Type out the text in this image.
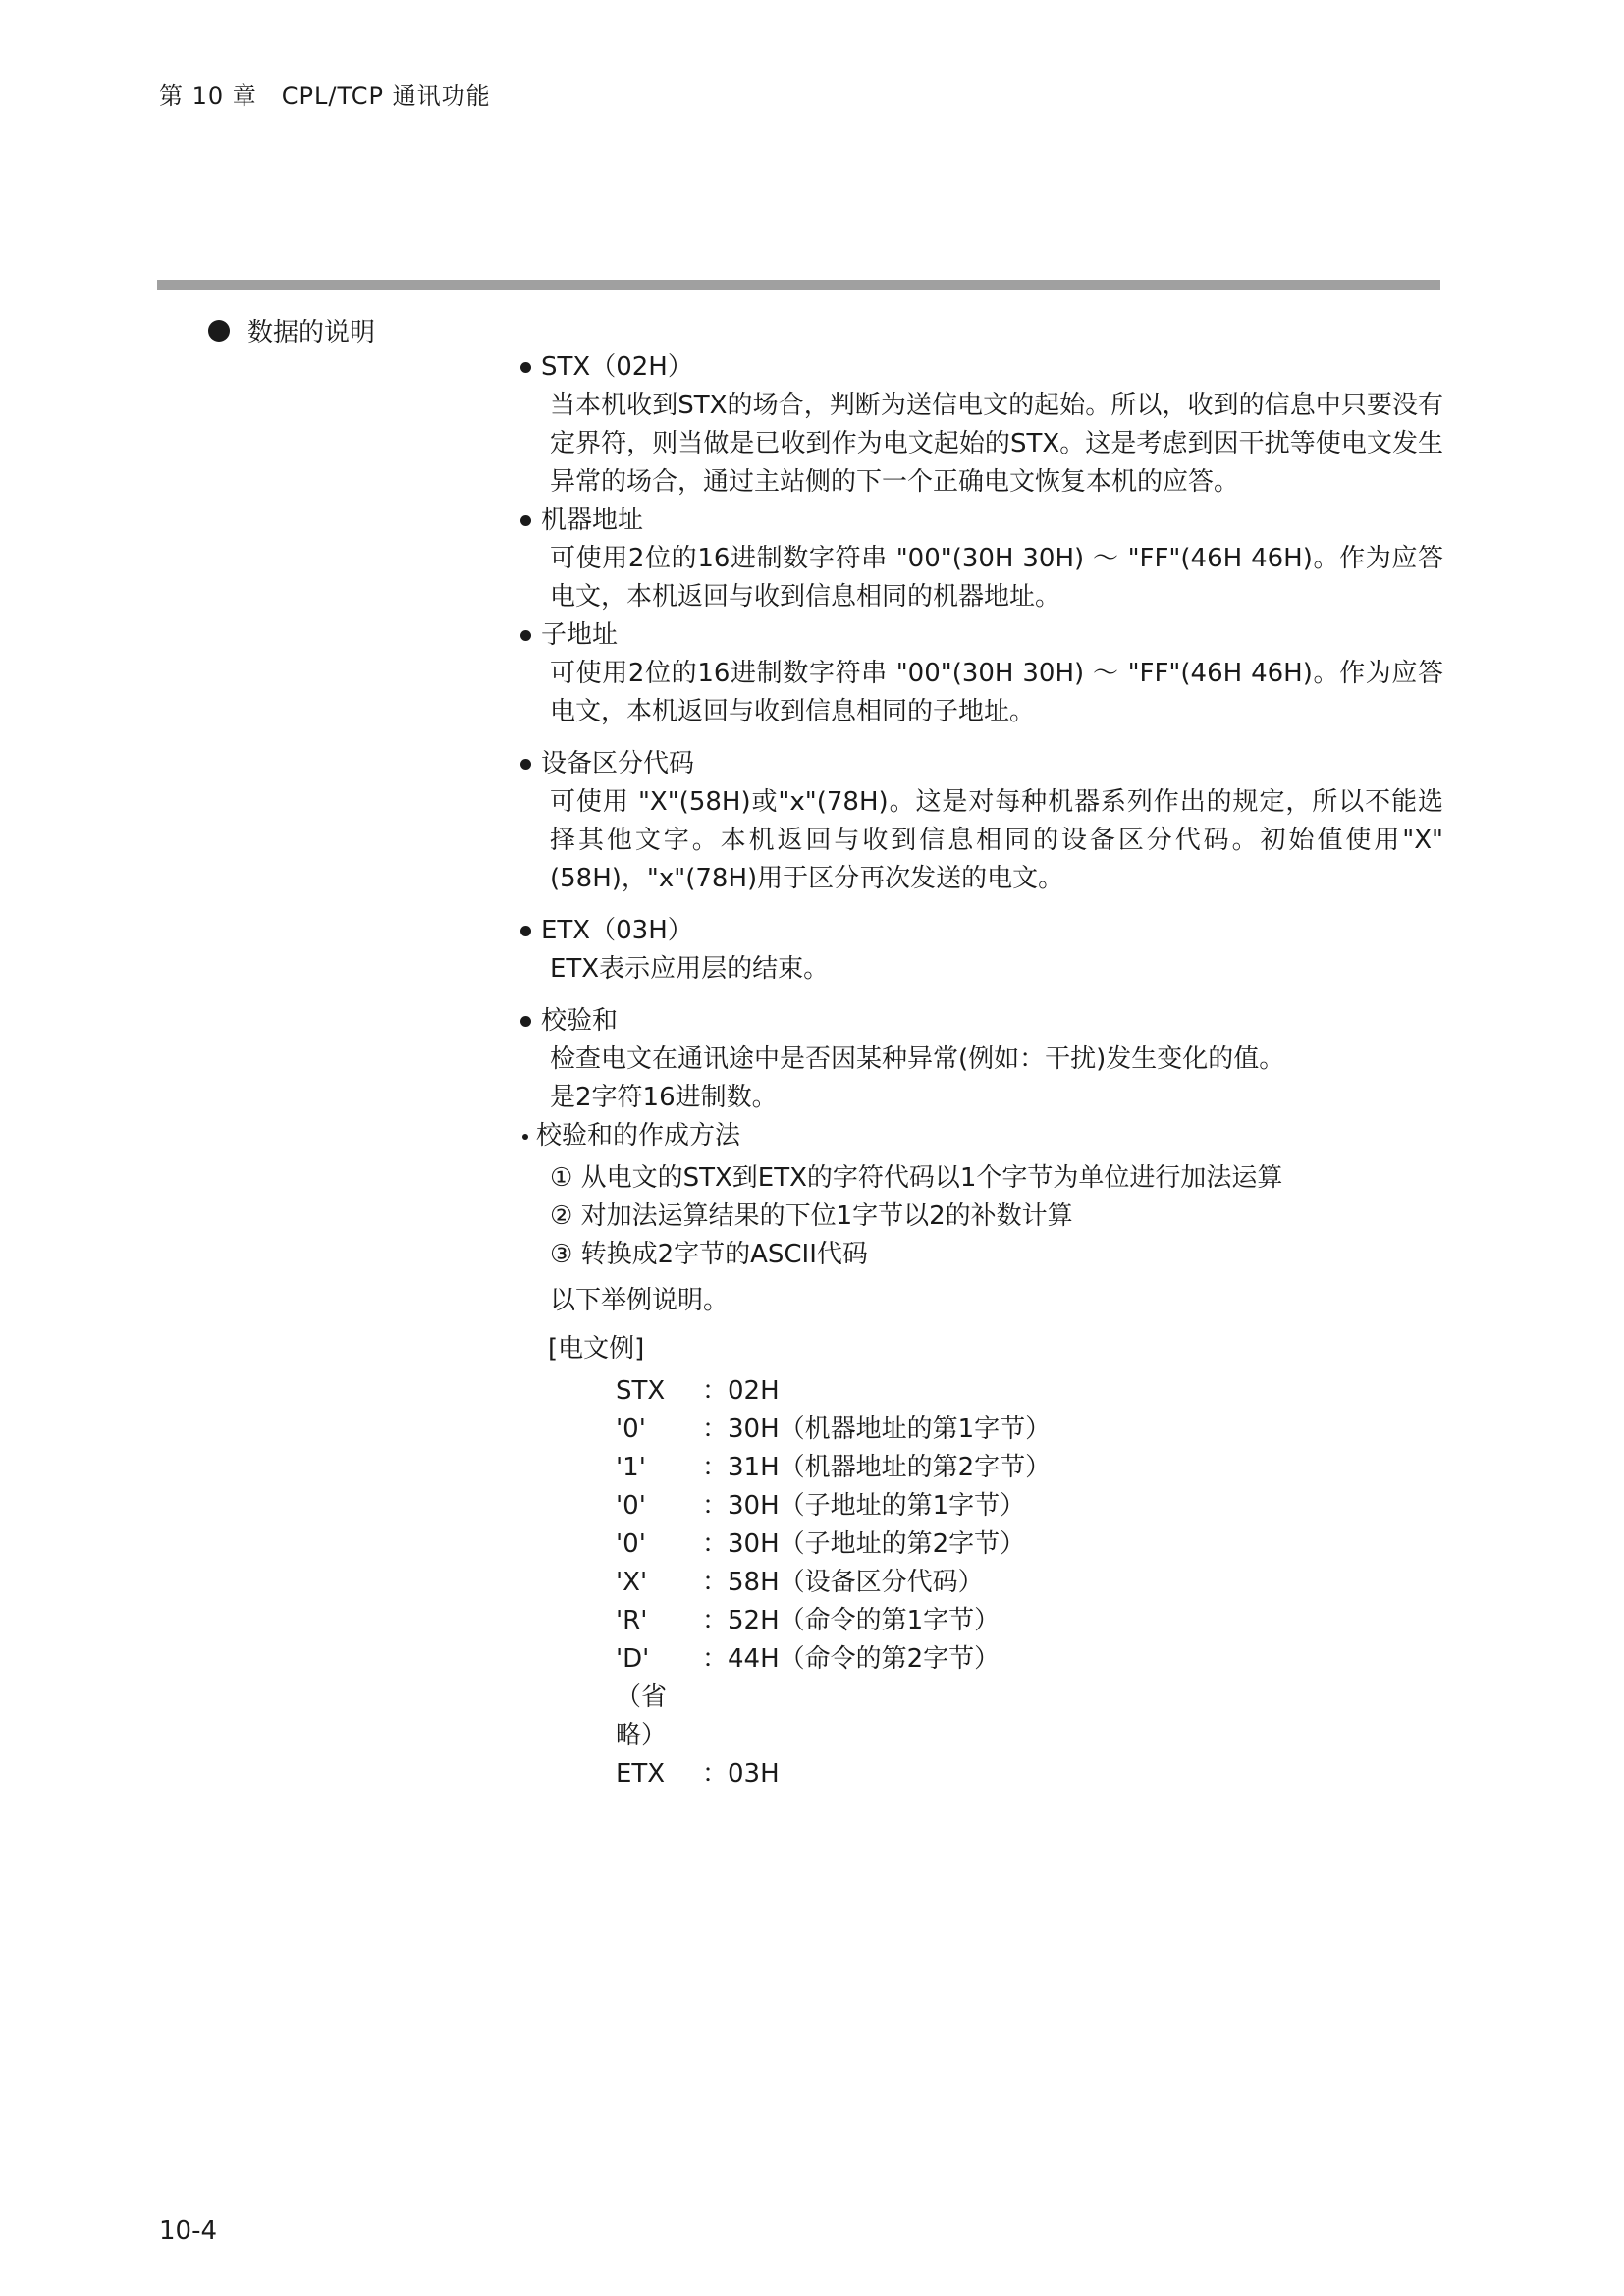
第 10 章　CPL/TCP 通讯功能
数据的说明
STX（02H）
当本机收到STX的场合，判断为送信电文的起始。所以，收到的信息中只要没有定界符，则当做是已收到作为电文起始的STX。这是考虑到因干扰等使电文发生异常的场合，通过主站侧的下一个正确电文恢复本机的应答。
机器地址
可使用2位的16进制数字符串 "00"(30H 30H) ～ "FF"(46H 46H)。作为应答电文，本机返回与收到信息相同的机器地址。
子地址
可使用2位的16进制数字符串 "00"(30H 30H) ～ "FF"(46H 46H)。作为应答电文，本机返回与收到信息相同的子地址。
设备区分代码
可使用 "X"(58H)或"x"(78H)。这是对每种机器系列作出的规定，所以不能选择其他文字。本机返回与收到信息相同的设备区分代码。初始值使用"X"(58H)，"x"(78H)用于区分再次发送的电文。
ETX（03H）
ETX表示应用层的结束。
校验和
检查电文在通讯途中是否因某种异常(例如：干扰)发生变化的值。
是2字符16进制数。
校验和的作成方法
① 从电文的STX到ETX的字符代码以1个字节为单位进行加法运算
② 对加法运算结果的下位1字节以2的补数计算
③ 转换成2字节的ASCII代码
以下举例说明。
[电文例]
STX	：02H
'0'	：30H（机器地址的第1字节）
'1'	：31H（机器地址的第2字节）
'0'	：30H（子地址的第1字节）
'0'	：30H（子地址的第2字节）
'X'	：58H（设备区分代码）
'R'	：52H（命令的第1字节）
'D'	：44H（命令的第2字节）
（省略）	
ETX	：03H
10-4
